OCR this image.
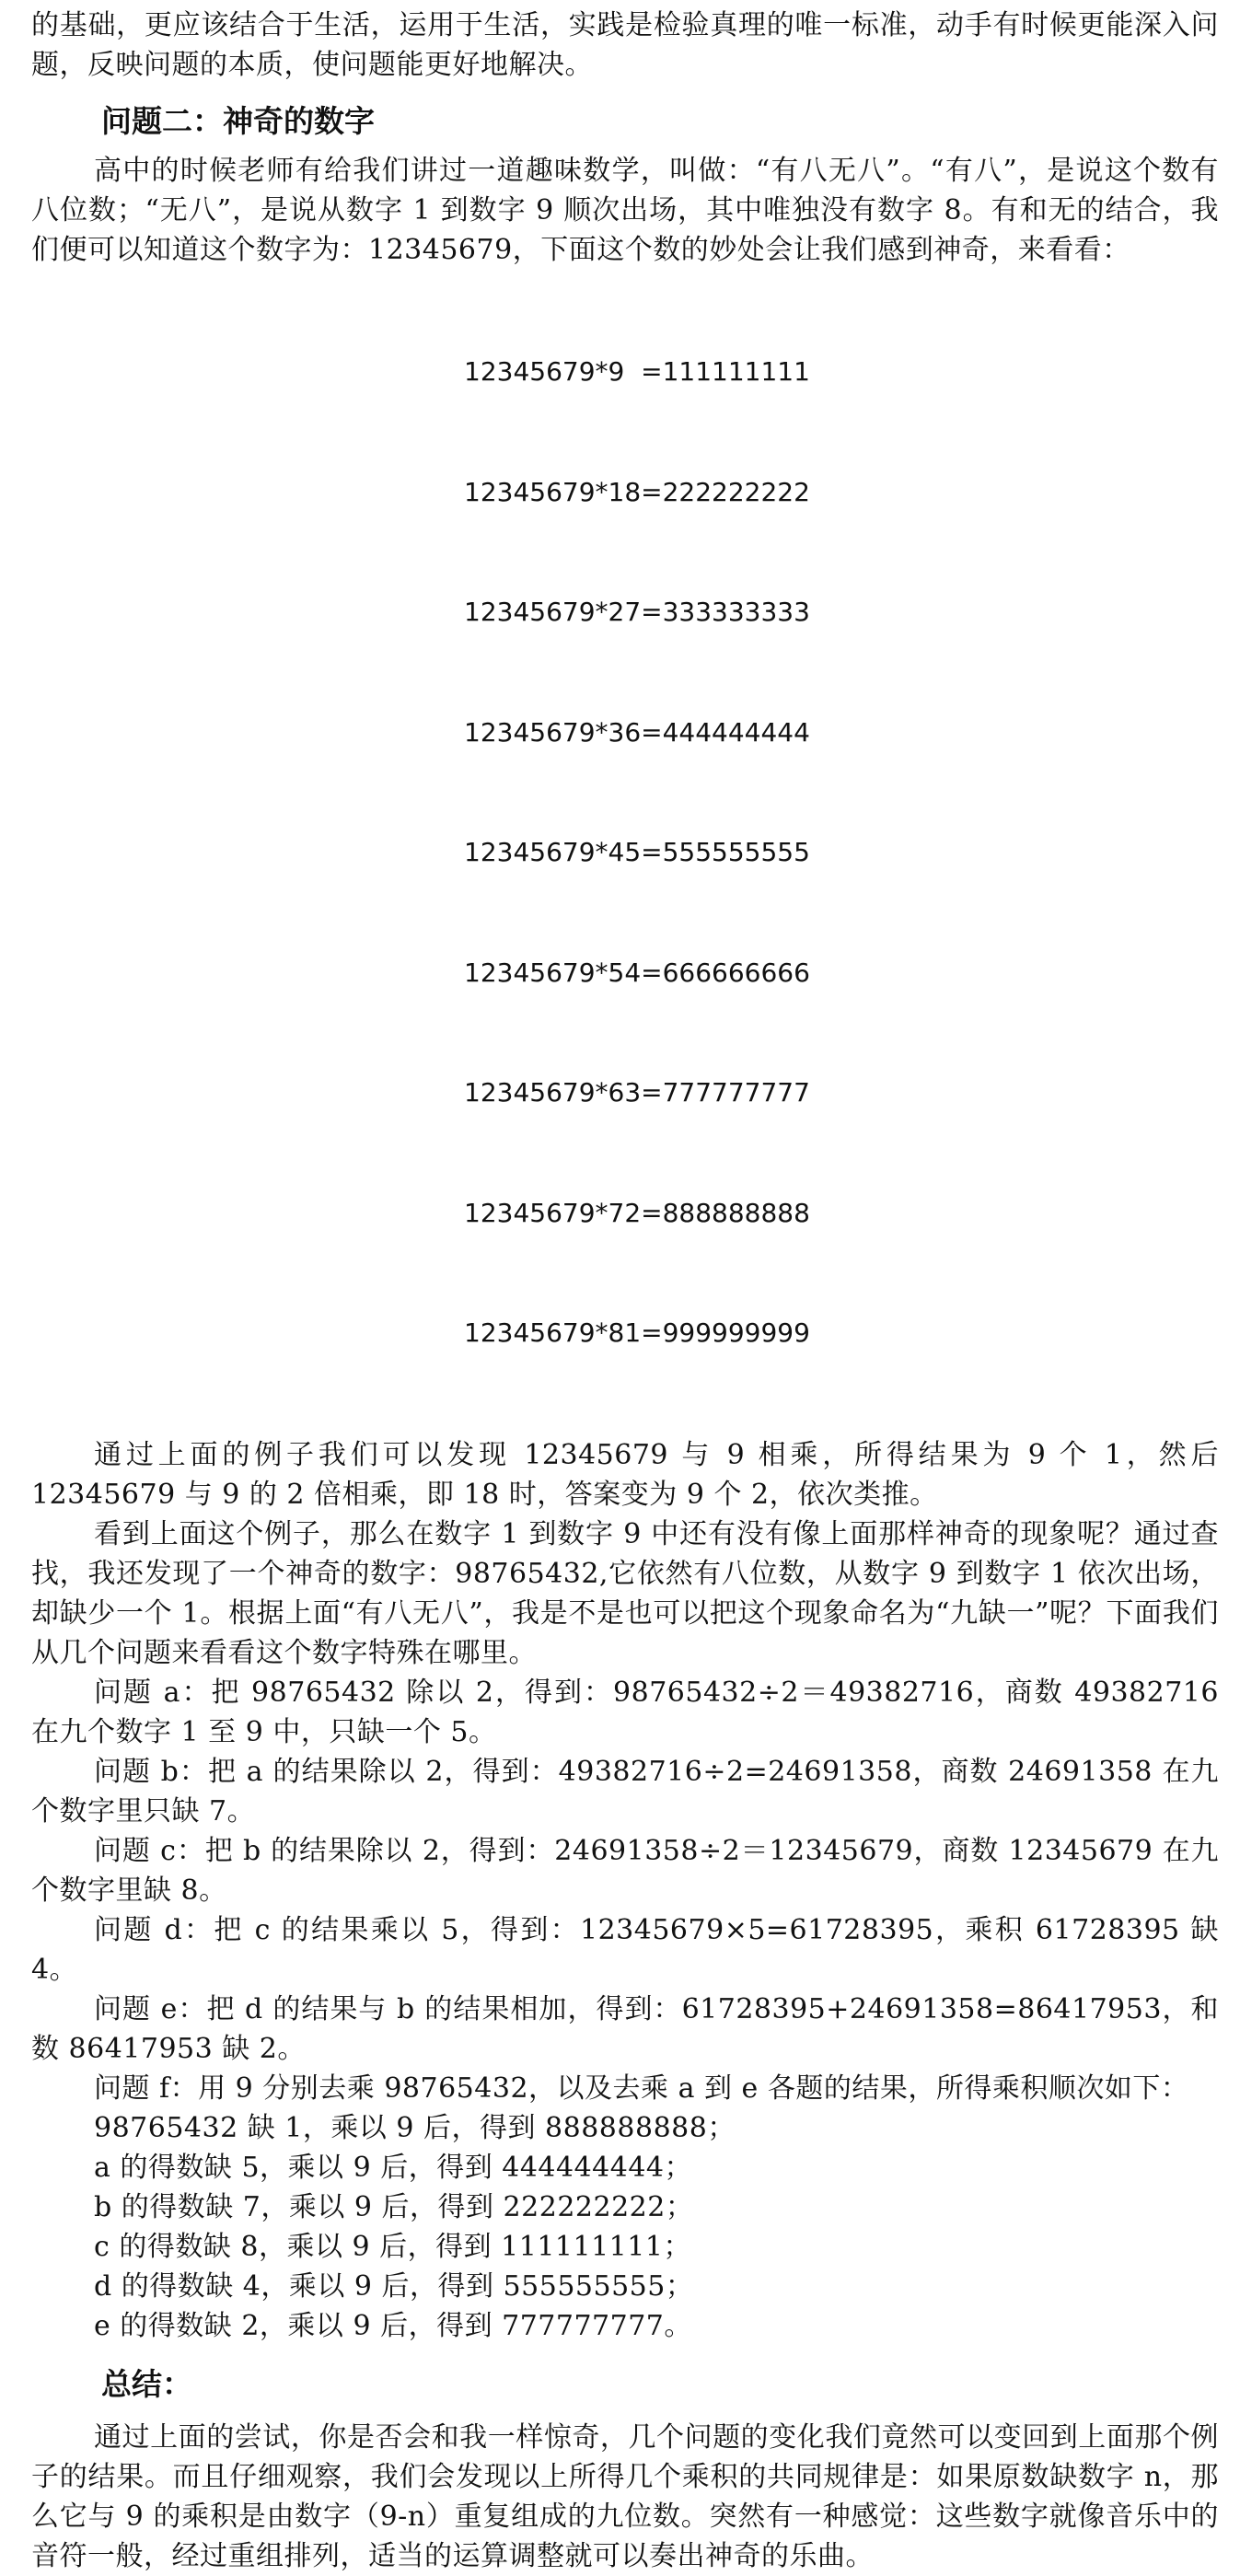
的基础，更应该结合于生活，运用于生活，实践是检验真理的唯一标准，动手有时候更能深入问题，反映问题的本质，使问题能更好地解决。

问题二：神奇的数字

高中的时候老师有给我们讲过一道趣味数学，叫做：“有八无八”。“有八”，是说这个数有八位数；“无八”，是说从数字 1 到数字 9 顺次出场，其中唯独没有数字 8。有和无的结合，我们便可以知道这个数字为：12345679，下面这个数的妙处会让我们感到神奇，来看看：

12345679*9  =111111111

12345679*18=222222222

12345679*27=333333333

12345679*36=444444444

12345679*45=555555555

12345679*54=666666666

12345679*63=777777777

12345679*72=888888888

12345679*81=999999999

通过上面的例子我们可以发现 12345679 与 9 相乘，所得结果为 9 个 1，然后 12345679 与 9 的 2 倍相乘，即 18 时，答案变为 9 个 2，依次类推。

看到上面这个例子，那么在数字 1 到数字 9 中还有没有像上面那样神奇的现象呢？通过查找，我还发现了一个神奇的数字：98765432,它依然有八位数，从数字 9 到数字 1 依次出场，却缺少一个 1。根据上面“有八无八”，我是不是也可以把这个现象命名为“九缺一”呢？下面我们从几个问题来看看这个数字特殊在哪里。

问题 a：把 98765432 除以 2，得到：98765432÷2＝49382716，商数 49382716 在九个数字 1 至 9 中，只缺一个 5。

问题 b：把 a 的结果除以 2，得到：49382716÷2=24691358，商数 24691358 在九个数字里只缺 7。

问题 c：把 b 的结果除以 2，得到：24691358÷2＝12345679，商数 12345679 在九个数字里缺 8。

问题 d：把 c 的结果乘以 5，得到：12345679×5=61728395，乘积 61728395 缺 4。

问题 e：把 d 的结果与 b 的结果相加，得到：61728395+24691358=86417953，和数 86417953 缺 2。

问题 f：用 9 分别去乘 98765432，以及去乘 a 到 e 各题的结果，所得乘积顺次如下：

98765432 缺 1，乘以 9 后，得到 888888888；

a 的得数缺 5，乘以 9 后，得到 444444444；

b 的得数缺 7，乘以 9 后，得到 222222222；

c 的得数缺 8，乘以 9 后，得到 111111111；

d 的得数缺 4，乘以 9 后，得到 555555555；

e 的得数缺 2，乘以 9 后，得到 777777777。

总结：

通过上面的尝试，你是否会和我一样惊奇，几个问题的变化我们竟然可以变回到上面那个例子的结果。而且仔细观察，我们会发现以上所得几个乘积的共同规律是：如果原数缺数字 n，那么它与 9 的乘积是由数字（9-n）重复组成的九位数。突然有一种感觉：这些数字就像音乐中的音符一般，经过重组排列，适当的运算调整就可以奏出神奇的乐曲。
